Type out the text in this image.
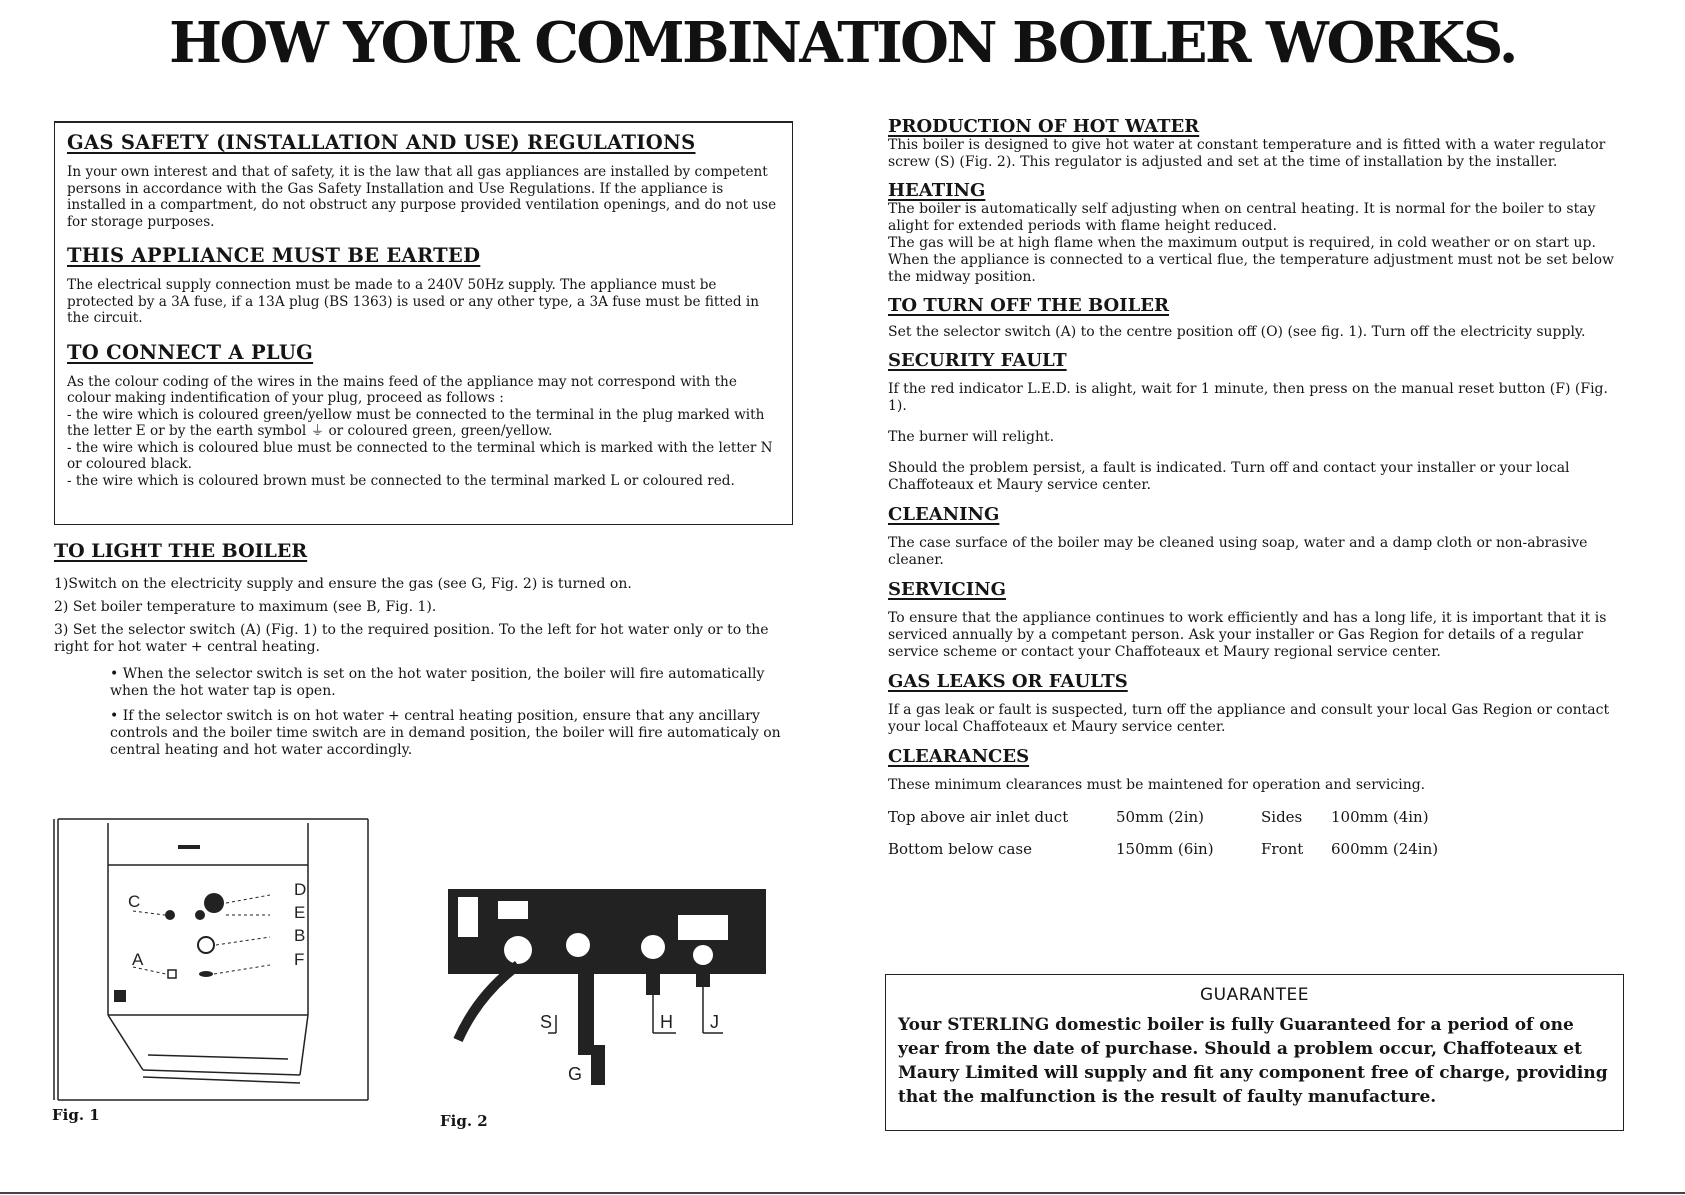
HOW YOUR COMBINATION BOILER WORKS.
GAS SAFETY (INSTALLATION AND USE) REGULATIONS

In your own interest and that of safety, it is the law that all gas appliances are installed by competent persons in accordance with the Gas Safety Installation and Use Regulations. If the appliance is installed in a compartment, do not obstruct any purpose provided ventilation openings, and do not use for storage purposes.

THIS APPLIANCE MUST BE EARTED

The electrical supply connection must be made to a 240V 50Hz supply. The appliance must be protected by a 3A fuse, if a 13A plug (BS 1363) is used or any other type, a 3A fuse must be fitted in the circuit.

TO CONNECT A PLUG

As the colour coding of the wires in the mains feed of the appliance may not correspond with the colour making indentification of your plug, proceed as follows :

- the wire which is coloured green/yellow must be connected to the terminal in the plug marked with the letter E or by the earth symbol ⏚ or coloured green, green/yellow.

- the wire which is coloured blue must be connected to the terminal which is marked with the letter N or coloured black.

- the wire which is coloured brown must be connected to the terminal marked L or coloured red.

TO LIGHT THE BOILER

1)Switch on the electricity supply and ensure the gas (see G, Fig. 2) is turned on.

2) Set boiler temperature to maximum (see B, Fig. 1).

3) Set the selector switch (A) (Fig. 1) to the required position. To the left for hot water only or to the right for hot water + central heating.

• When the selector switch is set on the hot water position, the boiler will fire automatically when the hot water tap is open.

• If the selector switch is on hot water + central heating position, ensure that any ancillary controls and the boiler time switch are in demand position, the boiler will fire automaticaly on central heating and hot water accordingly.

C
A
D
E
B
F
Fig. 1
S
G
H J
Fig. 2
PRODUCTION OF HOT WATER

This boiler is designed to give hot water at constant temperature and is fitted with a water regulator screw (S) (Fig. 2). This regulator is adjusted and set at the time of installation by the installer.

HEATING

The boiler is automatically self adjusting when on central heating. It is normal for the boiler to stay alight for extended periods with flame height reduced.

The gas will be at high flame when the maximum output is required, in cold weather or on start up.

When the appliance is connected to a vertical flue, the temperature adjustment must not be set below the midway position.

TO TURN OFF THE BOILER

Set the selector switch (A) to the centre position off (O) (see fig. 1). Turn off the electricity supply.

SECURITY FAULT

If the red indicator L.E.D. is alight, wait for 1 minute, then press on the manual reset button (F) (Fig. 1).

The burner will relight.

Should the problem persist, a fault is indicated. Turn off and contact your installer or your local Chaffoteaux et Maury service center.

CLEANING

The case surface of the boiler may be cleaned using soap, water and a damp cloth or non-abrasive cleaner.

SERVICING

To ensure that the appliance continues to work efficiently and has a long life, it is important that it is serviced annually by a competant person. Ask your installer or Gas Region for details of a regular service scheme or contact your Chaffoteaux et Maury regional service center.

GAS LEAKS OR FAULTS

If a gas leak or fault is suspected, turn off the appliance and consult your local Gas Region or contact your local Chaffoteaux et Maury service center.

CLEARANCES

These minimum clearances must be maintened for operation and servicing.

Top above air inlet duct	50mm (2in)	Sides	100mm (4in)
Bottom below case	150mm (6in)	Front	600mm (24in)
GUARANTEE

Your STERLING domestic boiler is fully Guaranteed for a period of one year from the date of purchase. Should a problem occur, Chaffoteaux et Maury Limited will supply and fit any component free of charge, providing that the malfunction is the result of faulty manufacture.
